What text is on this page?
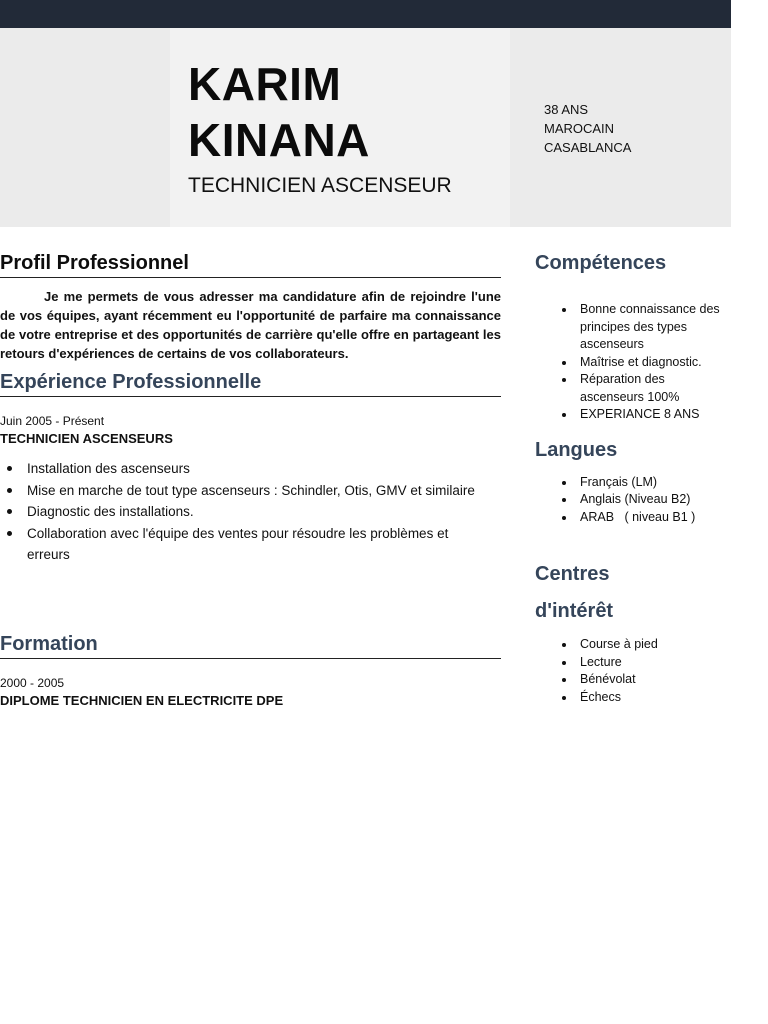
KARIM
KINANA
TECHNICIEN ASCENSEUR
38 ANS
MAROCAIN
CASABLANCA
Profil Professionnel

Je me permets de vous adresser ma candidature afin de rejoindre l'une de vos équipes, ayant récemment eu l'opportunité de parfaire ma connaissance de votre entreprise et des opportunités de carrière qu'elle offre en partageant les retours d'expériences de certains de vos collaborateurs.

Expérience Professionnelle
Juin 2005 - Présent
TECHNICIEN ASCENSEURS
Installation des ascenseurs
Mise en marche de tout type ascenseurs : Schindler, Otis, GMV et similaire
Diagnostic des installations.
Collaboration avec l'équipe des ventes pour résoudre les problèmes et erreurs
Formation
2000 - 2005
DIPLOME TECHNICIEN EN ELECTRICITE DPE
Compétences
Bonne connaissance des principes des types ascenseurs
Maîtrise et diagnostic.
Réparation des ascenseurs 100%
EXPERIANCE 8 ANS
Langues
Français (LM)
Anglais (Niveau B2)
ARAB   ( niveau B1 )
Centres
d'intérêt
Course à pied
Lecture
Bénévolat
Échecs
